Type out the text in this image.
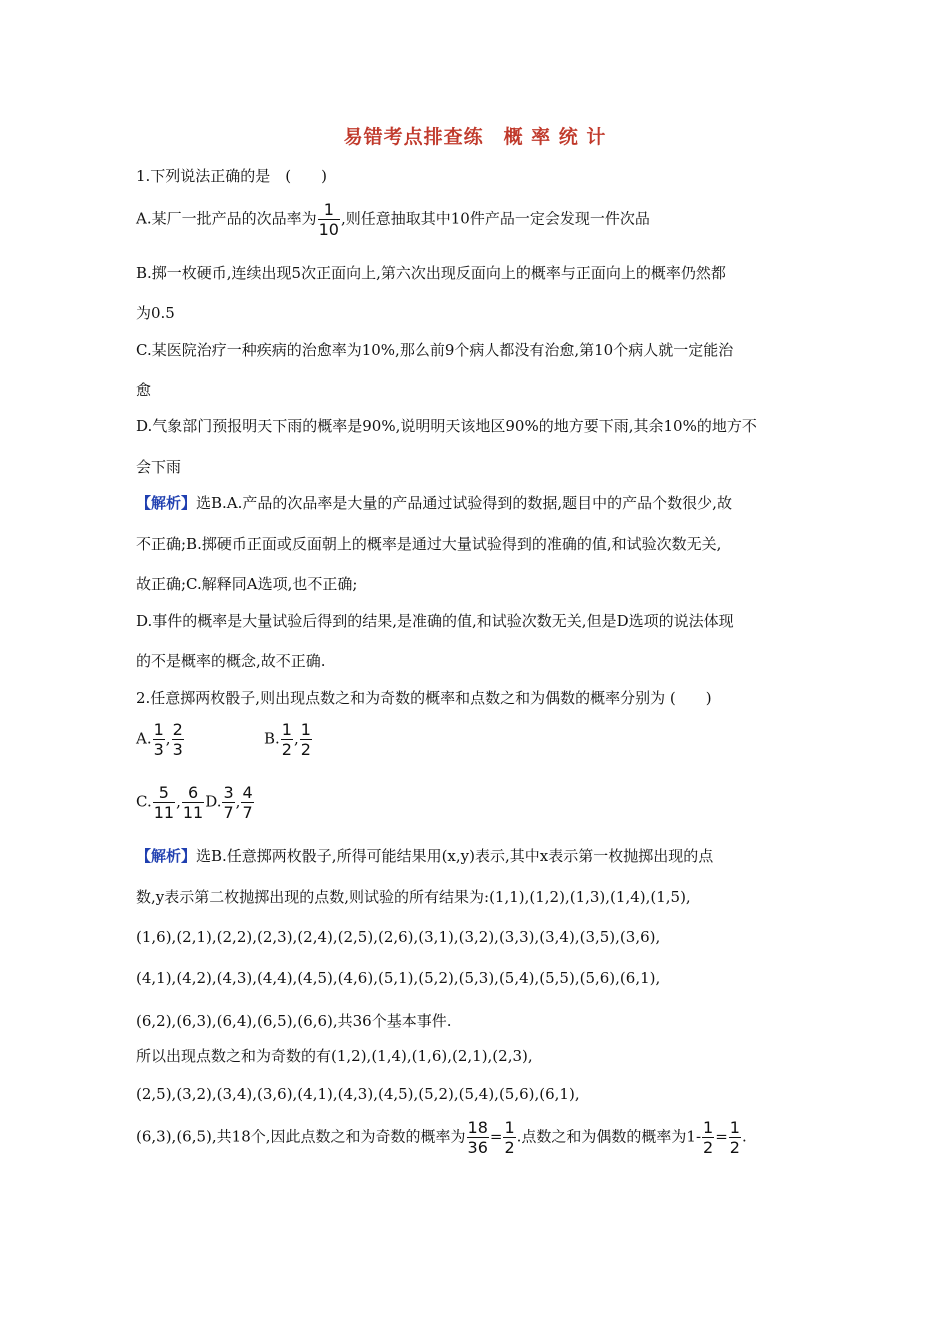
易错考点排查练　概 率 统 计
1.下列说法正确的是　(　　)
A.某厂一批产品的次品率为 $\frac{1}{10}$ ,则任意抽取其中10件产品一定会发现一件次品
B.掷一枚硬币,连续出现5次正面向上,第六次出现反面向上的概率与正面向上的概率仍然都
为0.5
C.某医院治疗一种疾病的治愈率为10%,那么前9个病人都没有治愈,第10个病人就一定能治
愈
D.气象部门预报明天下雨的概率是90%,说明明天该地区90%的地方要下雨,其余10%的地方不
会下雨
【解析】选B.A.产品的次品率是大量的产品通过试验得到的数据,题目中的产品个数很少,故
不正确;B.掷硬币正面或反面朝上的概率是通过大量试验得到的准确的值,和试验次数无关,
故正确;C.解释同A选项,也不正确;
D.事件的概率是大量试验后得到的结果,是准确的值,和试验次数无关,但是D选项的说法体现
的不是概率的概念,故不正确.
2.任意掷两枚骰子,则出现点数之和为奇数的概率和点数之和为偶数的概率分别为 (　　)
A. $\frac{1}{3}$ , $\frac{2}{3}$	B. $\frac{1}{2}$ , $\frac{1}{2}$
C. $\frac{5}{11}$ , $\frac{6}{11} D$. $\frac{3}{7}$ , $\frac{4}{7}$
【解析】选B.任意掷两枚骰子,所得可能结果用(x,y)表示,其中x表示第一枚抛掷出现的点
数,y表示第二枚抛掷出现的点数,则试验的所有结果为:(1,1),(1,2),(1,3),(1,4),(1,5),
(1,6),(2,1),(2,2),(2,3),(2,4),(2,5),(2,6),(3,1),(3,2),(3,3),(3,4),(3,5),(3,6),
(4,1),(4,2),(4,3),(4,4),(4,5),(4,6),(5,1),(5,2),(5,3),(5,4),(5,5),(5,6),(6,1),
(6,2),(6,3),(6,4),(6,5),(6,6),共36个基本事件.
所以出现点数之和为奇数的有(1,2),(1,4),(1,6),(2,1),(2,3),
(2,5),(3,2),(3,4),(3,6),(4,1),(4,3),(4,5),(5,2),(5,4),(5,6),(6,1),
(6,3),(6,5),共18个,因此点数之和为奇数的概率为 $\frac{18}{36} = \frac{1}{2}$ .点数之和为偶数的概率为$1- \frac{1}{2} = \frac{1}{2}$ .
